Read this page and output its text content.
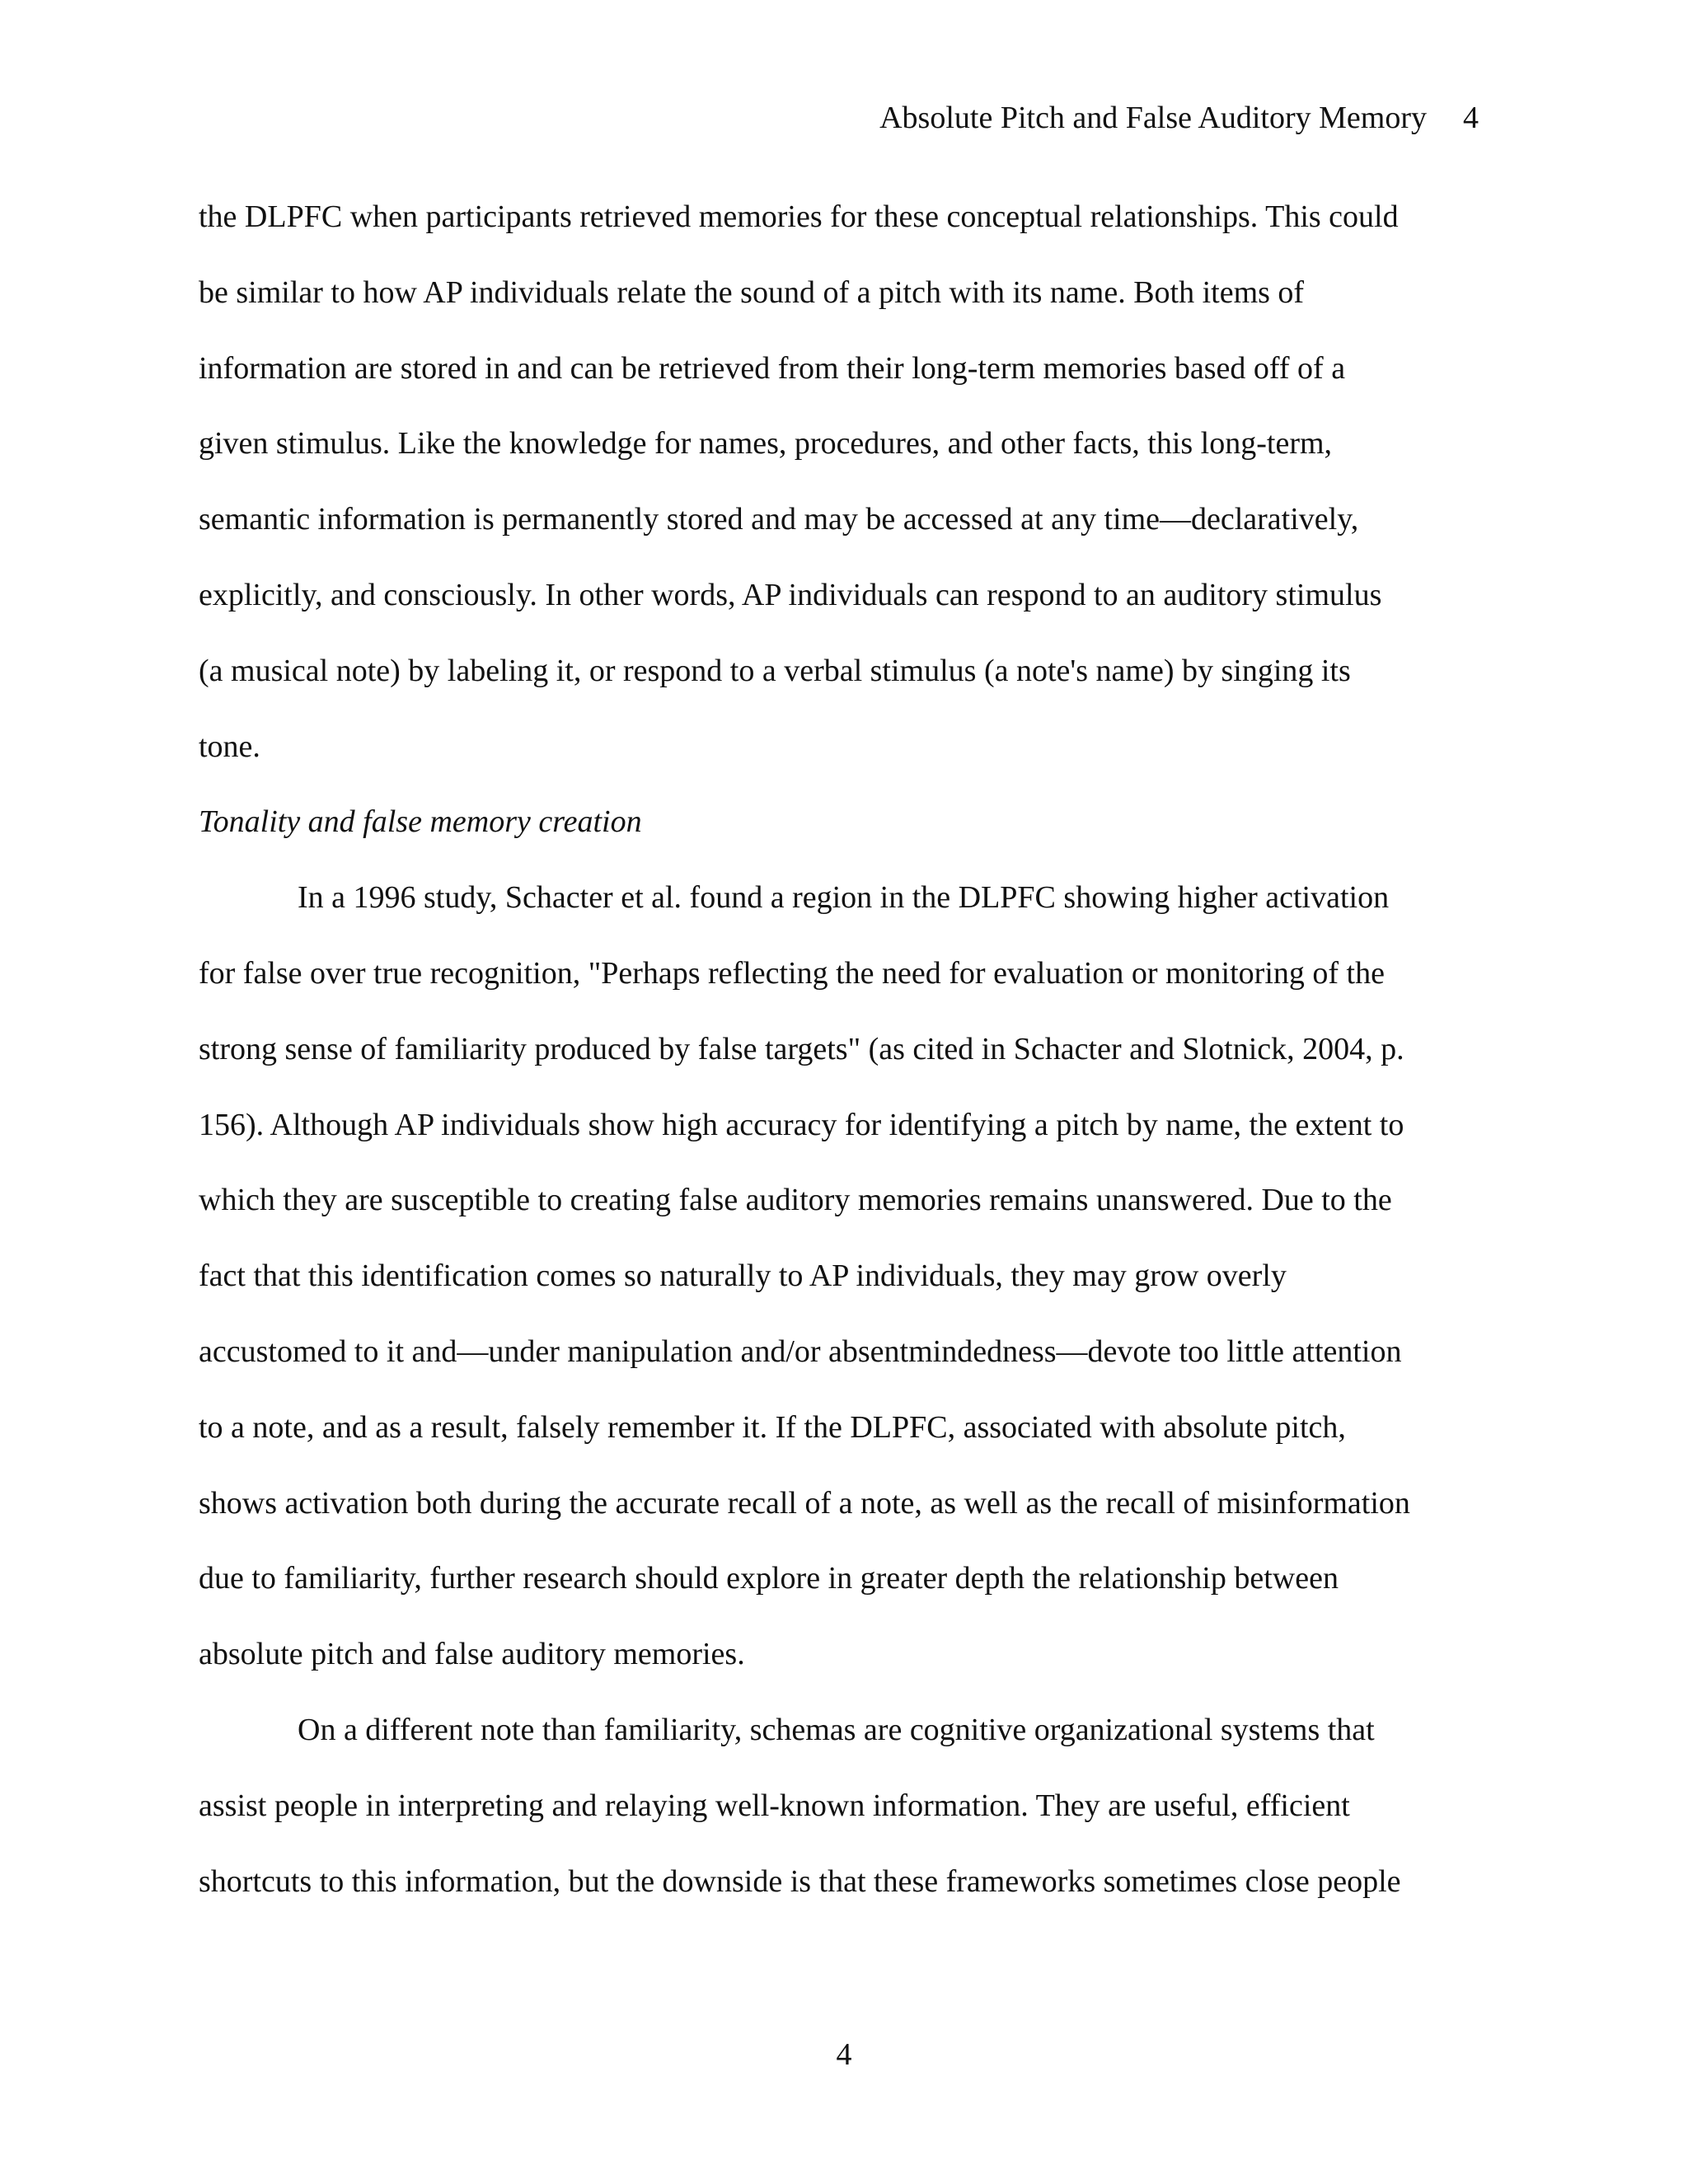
Absolute Pitch and False Auditory Memory 4
the DLPFC when participants retrieved memories for these conceptual relationships. This could
be similar to how AP individuals relate the sound of a pitch with its name. Both items of
information are stored in and can be retrieved from their long-term memories based off of a
given stimulus. Like the knowledge for names, procedures, and other facts, this long-term,
semantic information is permanently stored and may be accessed at any time—declaratively,
explicitly, and consciously. In other words, AP individuals can respond to an auditory stimulus
(a musical note) by labeling it, or respond to a verbal stimulus (a note's name) by singing its
tone.
Tonality and false memory creation
In a 1996 study, Schacter et al. found a region in the DLPFC showing higher activation
for false over true recognition, "Perhaps reflecting the need for evaluation or monitoring of the
strong sense of familiarity produced by false targets" (as cited in Schacter and Slotnick, 2004, p.
156). Although AP individuals show high accuracy for identifying a pitch by name, the extent to
which they are susceptible to creating false auditory memories remains unanswered. Due to the
fact that this identification comes so naturally to AP individuals, they may grow overly
accustomed to it and—under manipulation and/or absentmindedness—devote too little attention
to a note, and as a result, falsely remember it. If the DLPFC, associated with absolute pitch,
shows activation both during the accurate recall of a note, as well as the recall of misinformation
due to familiarity, further research should explore in greater depth the relationship between
absolute pitch and false auditory memories.
On a different note than familiarity, schemas are cognitive organizational systems that
assist people in interpreting and relaying well-known information. They are useful, efficient
shortcuts to this information, but the downside is that these frameworks sometimes close people
4
